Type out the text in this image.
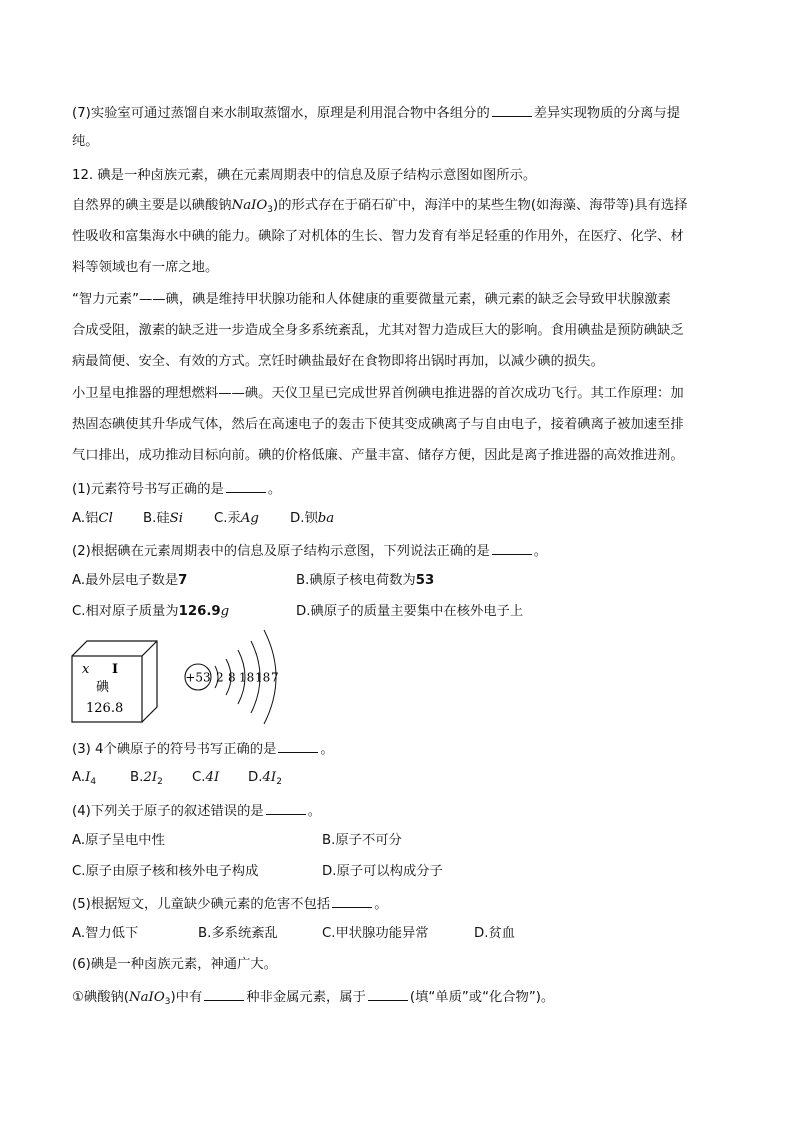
(7)实验室可通过蒸馏自来水制取蒸馏水，原理是利用混合物中各组分的	差异实现物质的分离与提
纯。
12. 碘是一种卤族元素，碘在元素周期表中的信息及原子结构示意图如图所示。
自然界的碘主要是以碘酸钠NaIO$_3$)的形式存在于硝石矿中，海洋中的某些生物(如海藻、海带等)具有选择
性吸收和富集海水中碘的能力。碘除了对机体的生长、智力发育有举足轻重的作用外，在医疗、化学、材
料等领域也有一席之地。
“智力元素”——碘，碘是维持甲状腺功能和人体健康的重要微量元素，碘元素的缺乏会导致甲状腺激素
合成受阻，激素的缺乏进一步造成全身多系统紊乱，尤其对智力造成巨大的影响。食用碘盐是预防碘缺乏
病最简便、安全、有效的方式。烹饪时碘盐最好在食物即将出锅时再加，以减少碘的损失。
小卫星电推器的理想燃料——碘。天仪卫星已完成世界首例碘电推进器的首次成功飞行。其工作原理：加
热固态碘使其升华成气体，然后在高速电子的轰击下使其变成碘离子与自由电子，接着碘离子被加速至排
气口排出，成功推动目标向前。碘的价格低廉、产量丰富、储存方便，因此是离子推进器的高效推进剂。
(1)元素符号书写正确的是	。
A.铝Cl B.硅Si C.汞Ag D.钡ba
(2)根据碘在元素周期表中的信息及原子结构示意图，下列说法正确的是	。
A.最外层电子数是7	B.碘原子核电荷数为53
C.相对原子质量为126.9g	D.碘原子的质量主要集中在核外电子上
x I
碘
126.8
+53 2 8 18 18 7
(3) 4个碘原子的符号书写正确的是	。
$A.I_4$	$B.2I_2$ C.4I $D.4I_2$
(4)下列关于原子的叙述错误的是	。
A.原子呈电中性	B.原子不可分
C.原子由原子核和核外电子构成	D.原子可以构成分子
(5)根据短文，儿童缺少碘元素的危害不包括	。
A.智力低下	B.多系统紊乱	C.甲状腺功能异常	D.贫血
(6)碘是一种卤族元素，神通广大。
①碘酸钠(NaIO$_3$)中有	种非金属元素，属于	(填“单质”或“化合物”)。
